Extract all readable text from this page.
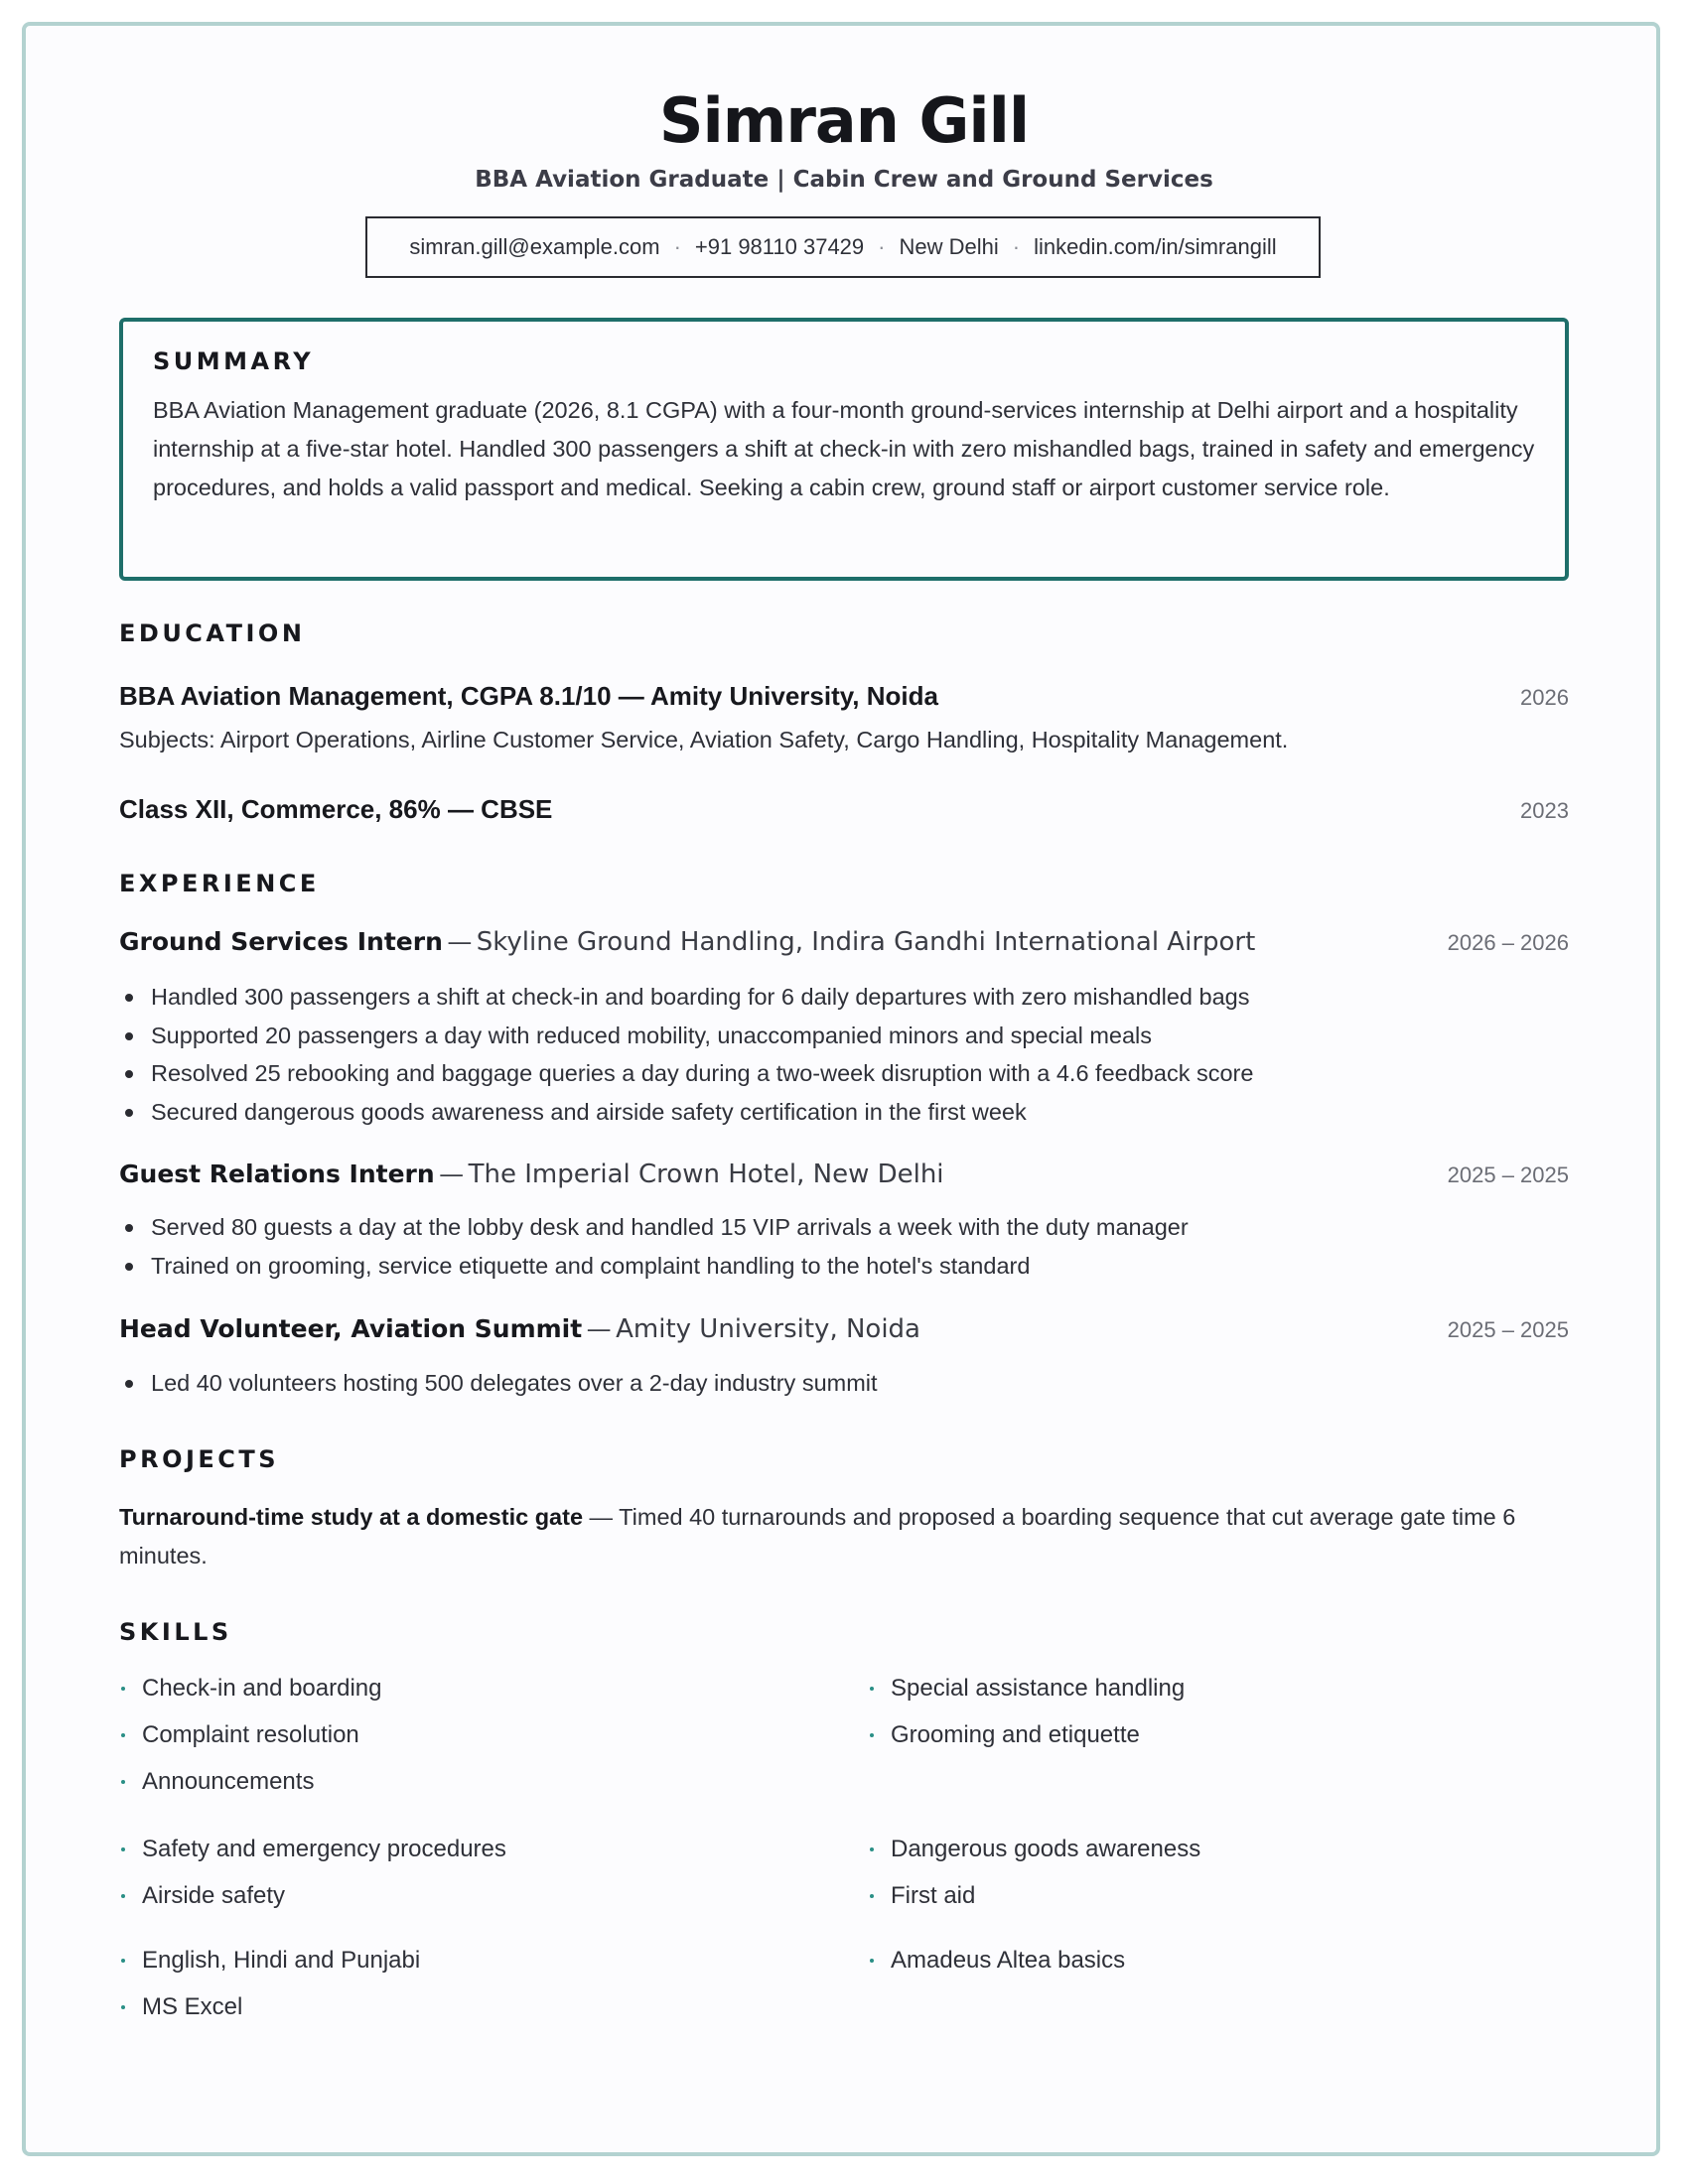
Simran Gill
BBA Aviation Graduate | Cabin Crew and Ground Services
simran.gill@example.com · +91 98110 37429 · New Delhi · linkedin.com/in/simrangill
SUMMARY
BBA Aviation Management graduate (2026, 8.1 CGPA) with a four-month ground-services internship at Delhi airport and a hospitality internship at a five-star hotel. Handled 300 passengers a shift at check-in with zero mishandled bags, trained in safety and emergency procedures, and holds a valid passport and medical. Seeking a cabin crew, ground staff or airport customer service role.
EDUCATION
BBA Aviation Management, CGPA 8.1/10 — Amity University, Noida	2026
Subjects: Airport Operations, Airline Customer Service, Aviation Safety, Cargo Handling, Hospitality Management.
Class XII, Commerce, 86% — CBSE	2023
EXPERIENCE
Ground Services Intern — Skyline Ground Handling, Indira Gandhi International Airport	2026 – 2026
Handled 300 passengers a shift at check-in and boarding for 6 daily departures with zero mishandled bags
Supported 20 passengers a day with reduced mobility, unaccompanied minors and special meals
Resolved 25 rebooking and baggage queries a day during a two-week disruption with a 4.6 feedback score
Secured dangerous goods awareness and airside safety certification in the first week
Guest Relations Intern — The Imperial Crown Hotel, New Delhi	2025 – 2025
Served 80 guests a day at the lobby desk and handled 15 VIP arrivals a week with the duty manager
Trained on grooming, service etiquette and complaint handling to the hotel's standard
Head Volunteer, Aviation Summit — Amity University, Noida	2025 – 2025
Led 40 volunteers hosting 500 delegates over a 2-day industry summit
PROJECTS
Turnaround-time study at a domestic gate — Timed 40 turnarounds and proposed a boarding sequence that cut average gate time 6 minutes.
SKILLS
Check-in and boarding	Special assistance handling
Complaint resolution	Grooming and etiquette
Announcements
Safety and emergency procedures	Dangerous goods awareness
Airside safety	First aid
English, Hindi and Punjabi	Amadeus Altea basics
MS Excel
